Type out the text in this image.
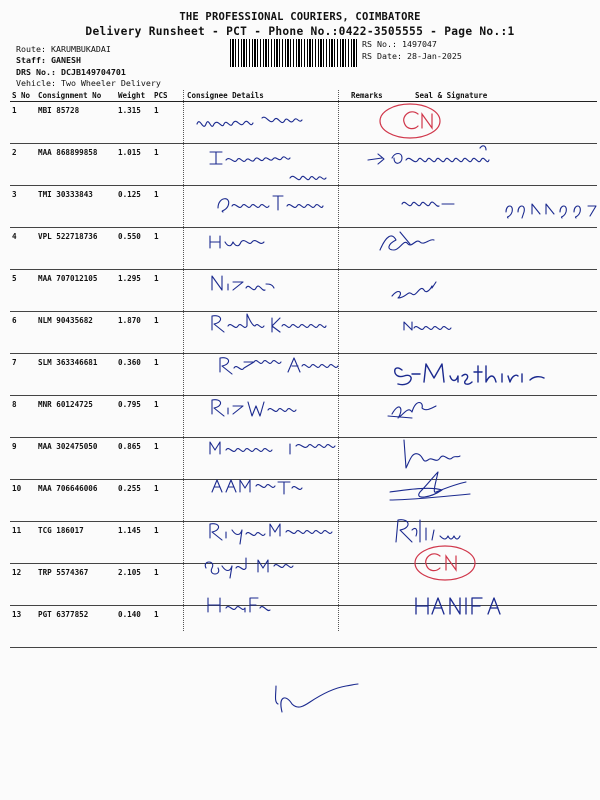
THE PROFESSIONAL COURIERS, COIMBATORE
Delivery Runsheet - PCT - Phone No.:0422-3505555 - Page No.:1
Route: KARUMBUKADAI
Staff: GANESH
DRS No.: DCJB149704701
Vehicle: Two Wheeler Delivery
RS No.: 1497047
RS Date: 28-Jan-2025
S No	Consignment No	Weight	PCS	Consignee Details	Remarks	Seal & Signature
1	MBI 85728	1.315	1			
2	MAA 868899858	1.015	1			
3	TMI 30333843	0.125	1			
4	VPL 522718736	0.550	1			
5	MAA 707012105	1.295	1			
6	NLM 90435682	1.870	1			
7	SLM 363346681	0.360	1			
8	MNR 60124725	0.795	1			
9	MAA 302475050	0.865	1			
10	MAA 706646006	0.255	1			
11	TCG 186017	1.145	1			
12	TRP 5574367	2.105	1			
13	PGT 6377852	0.140	1			
